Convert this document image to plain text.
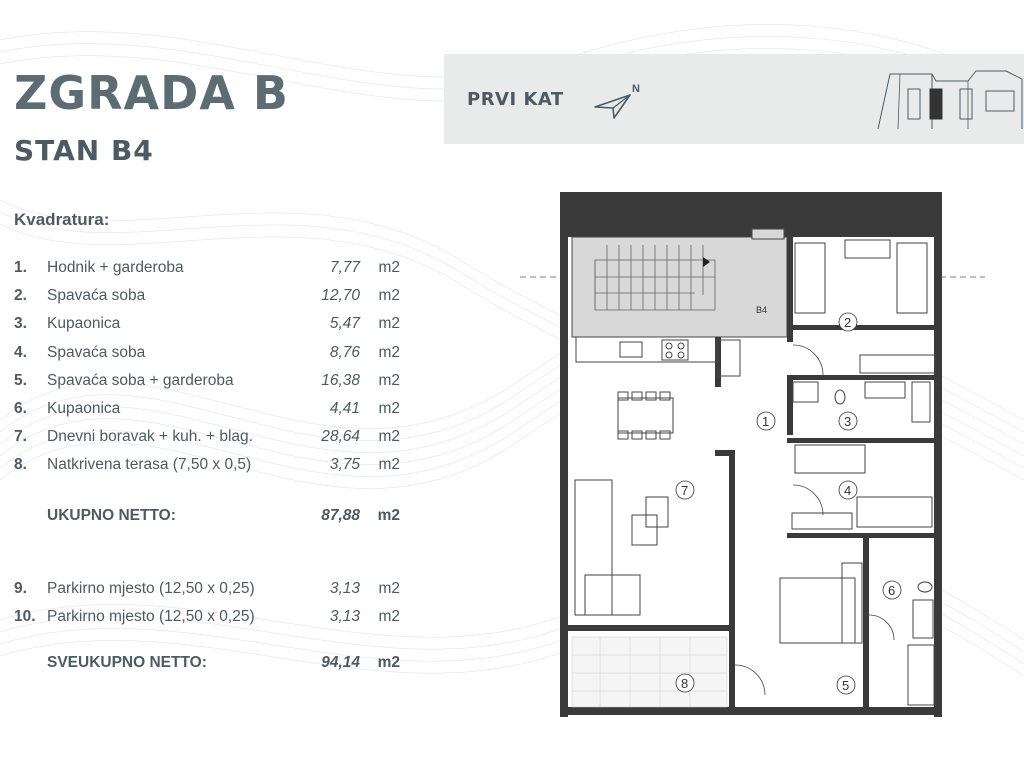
ZGRADA B
STAN B4
Kvadratura:
1. Hodnik + garderoba	7,77 m2
2. Spavaća soba	12,70 m2
3. Kupaonica	5,47 m2
4. Spavaća soba	8,76 m2
5. Spavaća soba + garderoba	16,38 m2
6. Kupaonica	4,41 m2
7. Dnevni boravak + kuh. + blag.	28,64 m2
8. Natkrivena terasa (7,50 x 0,5)	3,75 m2
UKUPNO NETTO:	87,88 m2
9. Parkirno mjesto (12,50 x 0,25)	3,13 m2
10. Parkirno mjesto (12,50 x 0,25)	3,13 m2
SVEUKUPNO NETTO:	94,14 m2
PRVI KAT	N
B4
1
2
3
4
5
6
7
8
